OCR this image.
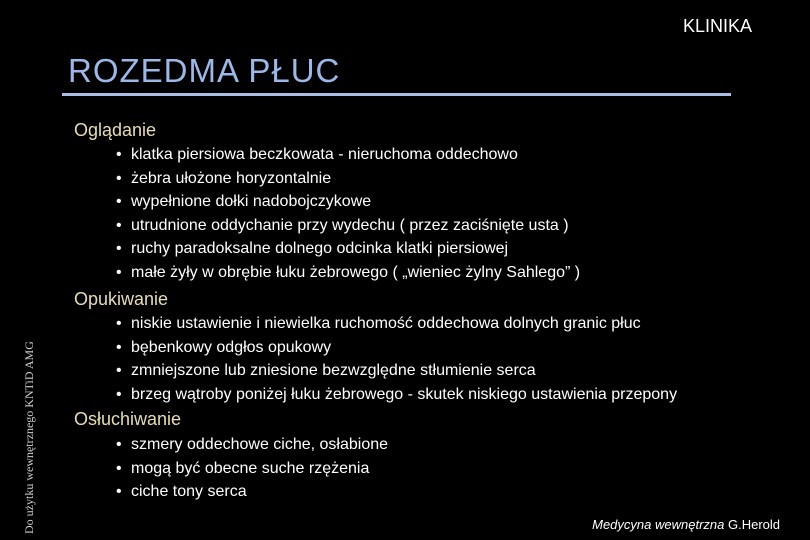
KLINIKA
ROZEDMA PŁUC
Oglądanie
• klatka piersiowa beczkowata - nieruchoma oddechowo
• żebra ułożone horyzontalnie
• wypełnione dołki nadobojczykowe
• utrudnione oddychanie przy wydechu ( przez zaciśnięte usta )
• ruchy paradoksalne dolnego odcinka klatki piersiowej
• małe żyły w obrębie łuku żebrowego ( „wieniec żylny Sahlego” )
Opukiwanie
• niskie ustawienie i niewielka ruchomość oddechowa dolnych granic płuc
• bębenkowy odgłos opukowy
• zmniejszone lub zniesione bezwzględne stłumienie serca
• brzeg wątroby poniżej łuku żebrowego - skutek niskiego ustawienia przepony
Osłuchiwanie
• szmery oddechowe ciche, osłabione
• mogą być obecne suche rzężenia
• ciche tony serca
Do użytku wewnętrznego KNTiD AMG	Medycyna wewnętrzna G.Herold
